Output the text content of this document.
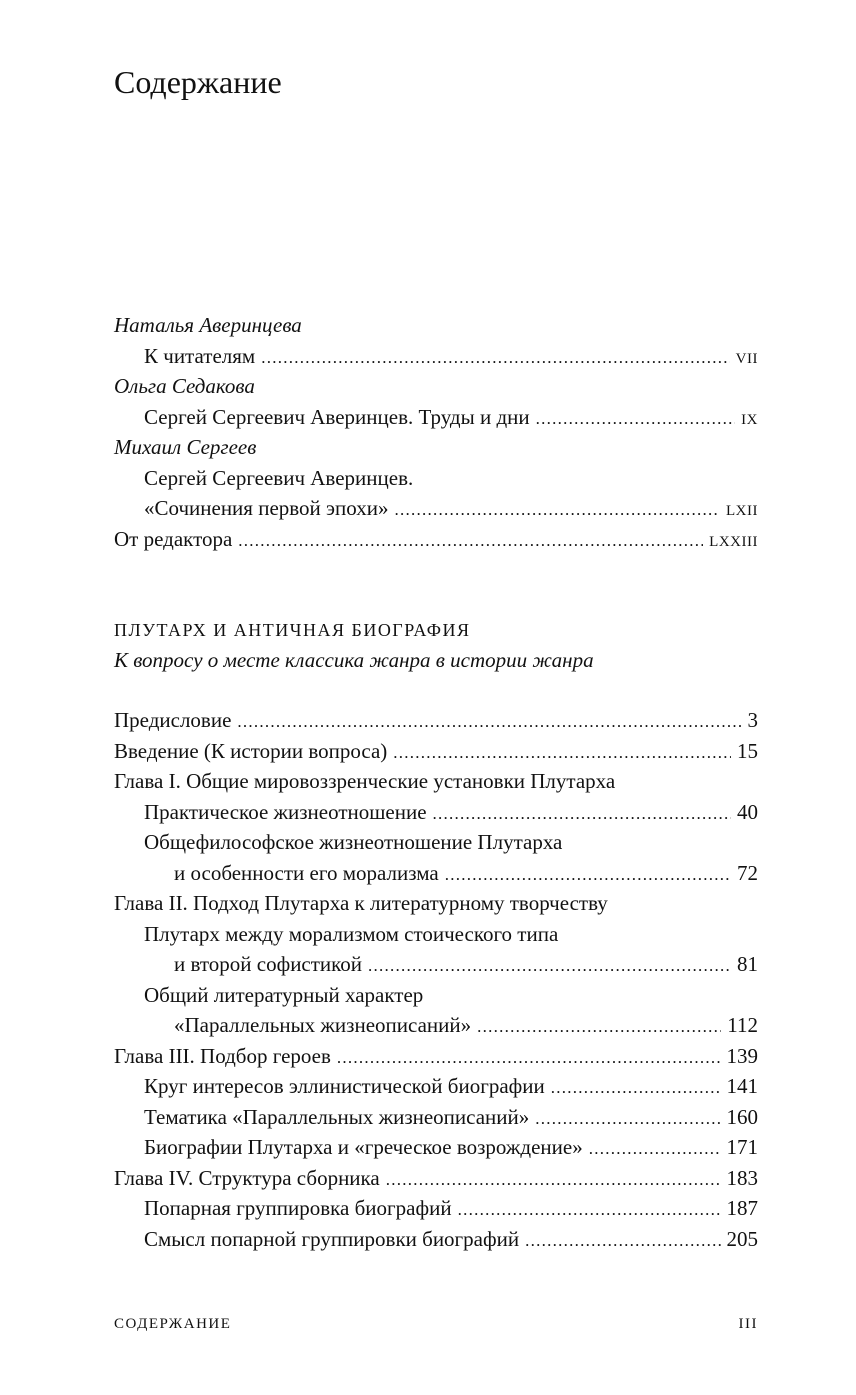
Содержание
Наталья Аверинцева
К читателям . . .	vii
Ольга Седакова
Сергей Сергеевич Аверинцев. Труды и дни . . .	ix
Михаил Сергеев
Сергей Сергеевич Аверинцев.
«Сочинения первой эпохи» . . .	lxii
От редактора . . .	lxxiii
ПЛУТАРХ И АНТИЧНАЯ БИОГРАФИЯ
К вопросу о месте классика жанра в истории жанра
Предисловие . . .	3
Введение (К истории вопроса) . . .	15
Глава I. Общие мировоззренческие установки Плутарха
Практическое жизнеотношение . . .	40
Общефилософское жизнеотношение Плутарха
и особенности его морализма . . .	72
Глава II. Подход Плутарха к литературному творчеству
Плутарх между морализмом стоического типа
и второй софистикой . . .	81
Общий литературный характер
«Параллельных жизнеописаний» . . .	112
Глава III. Подбор героев . . .	139
Круг интересов эллинистической биографии . . .	141
Тематика «Параллельных жизнеописаний» . . .	160
Биографии Плутарха и «греческое возрождение» . . .	171
Глава IV. Структура сборника . . .	183
Попарная группировка биографий . . .	187
Смысл попарной группировки биографий . . .	205
СОДЕРЖАНИЕ	III
